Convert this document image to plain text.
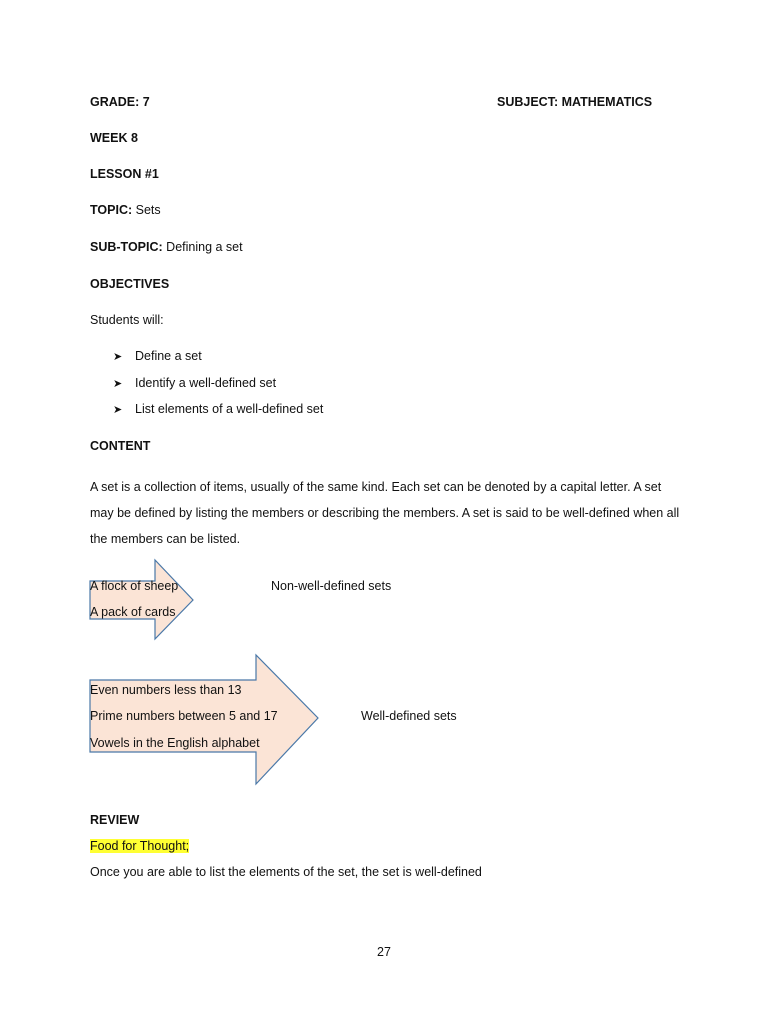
GRADE: 7	SUBJECT: MATHEMATICS
WEEK 8
LESSON #1
TOPIC: Sets
SUB-TOPIC: Defining a set
OBJECTIVES
Students will:
➤ Define a set
➤ Identify a well-defined set
➤ List elements of a well-defined set
CONTENT
A set is a collection of items, usually of the same kind. Each set can be denoted by a capital letter. A set may be defined by listing the members or describing the members. A set is said to be well-defined when all the members can be listed.
A flock of sheep
A pack of cards
Non-well-defined sets
Even numbers less than 13
Prime numbers between 5 and 17
Vowels in the English alphabet
Well-defined sets
REVIEW
Food for Thought;
Once you are able to list the elements of the set, the set is well-defined
27
